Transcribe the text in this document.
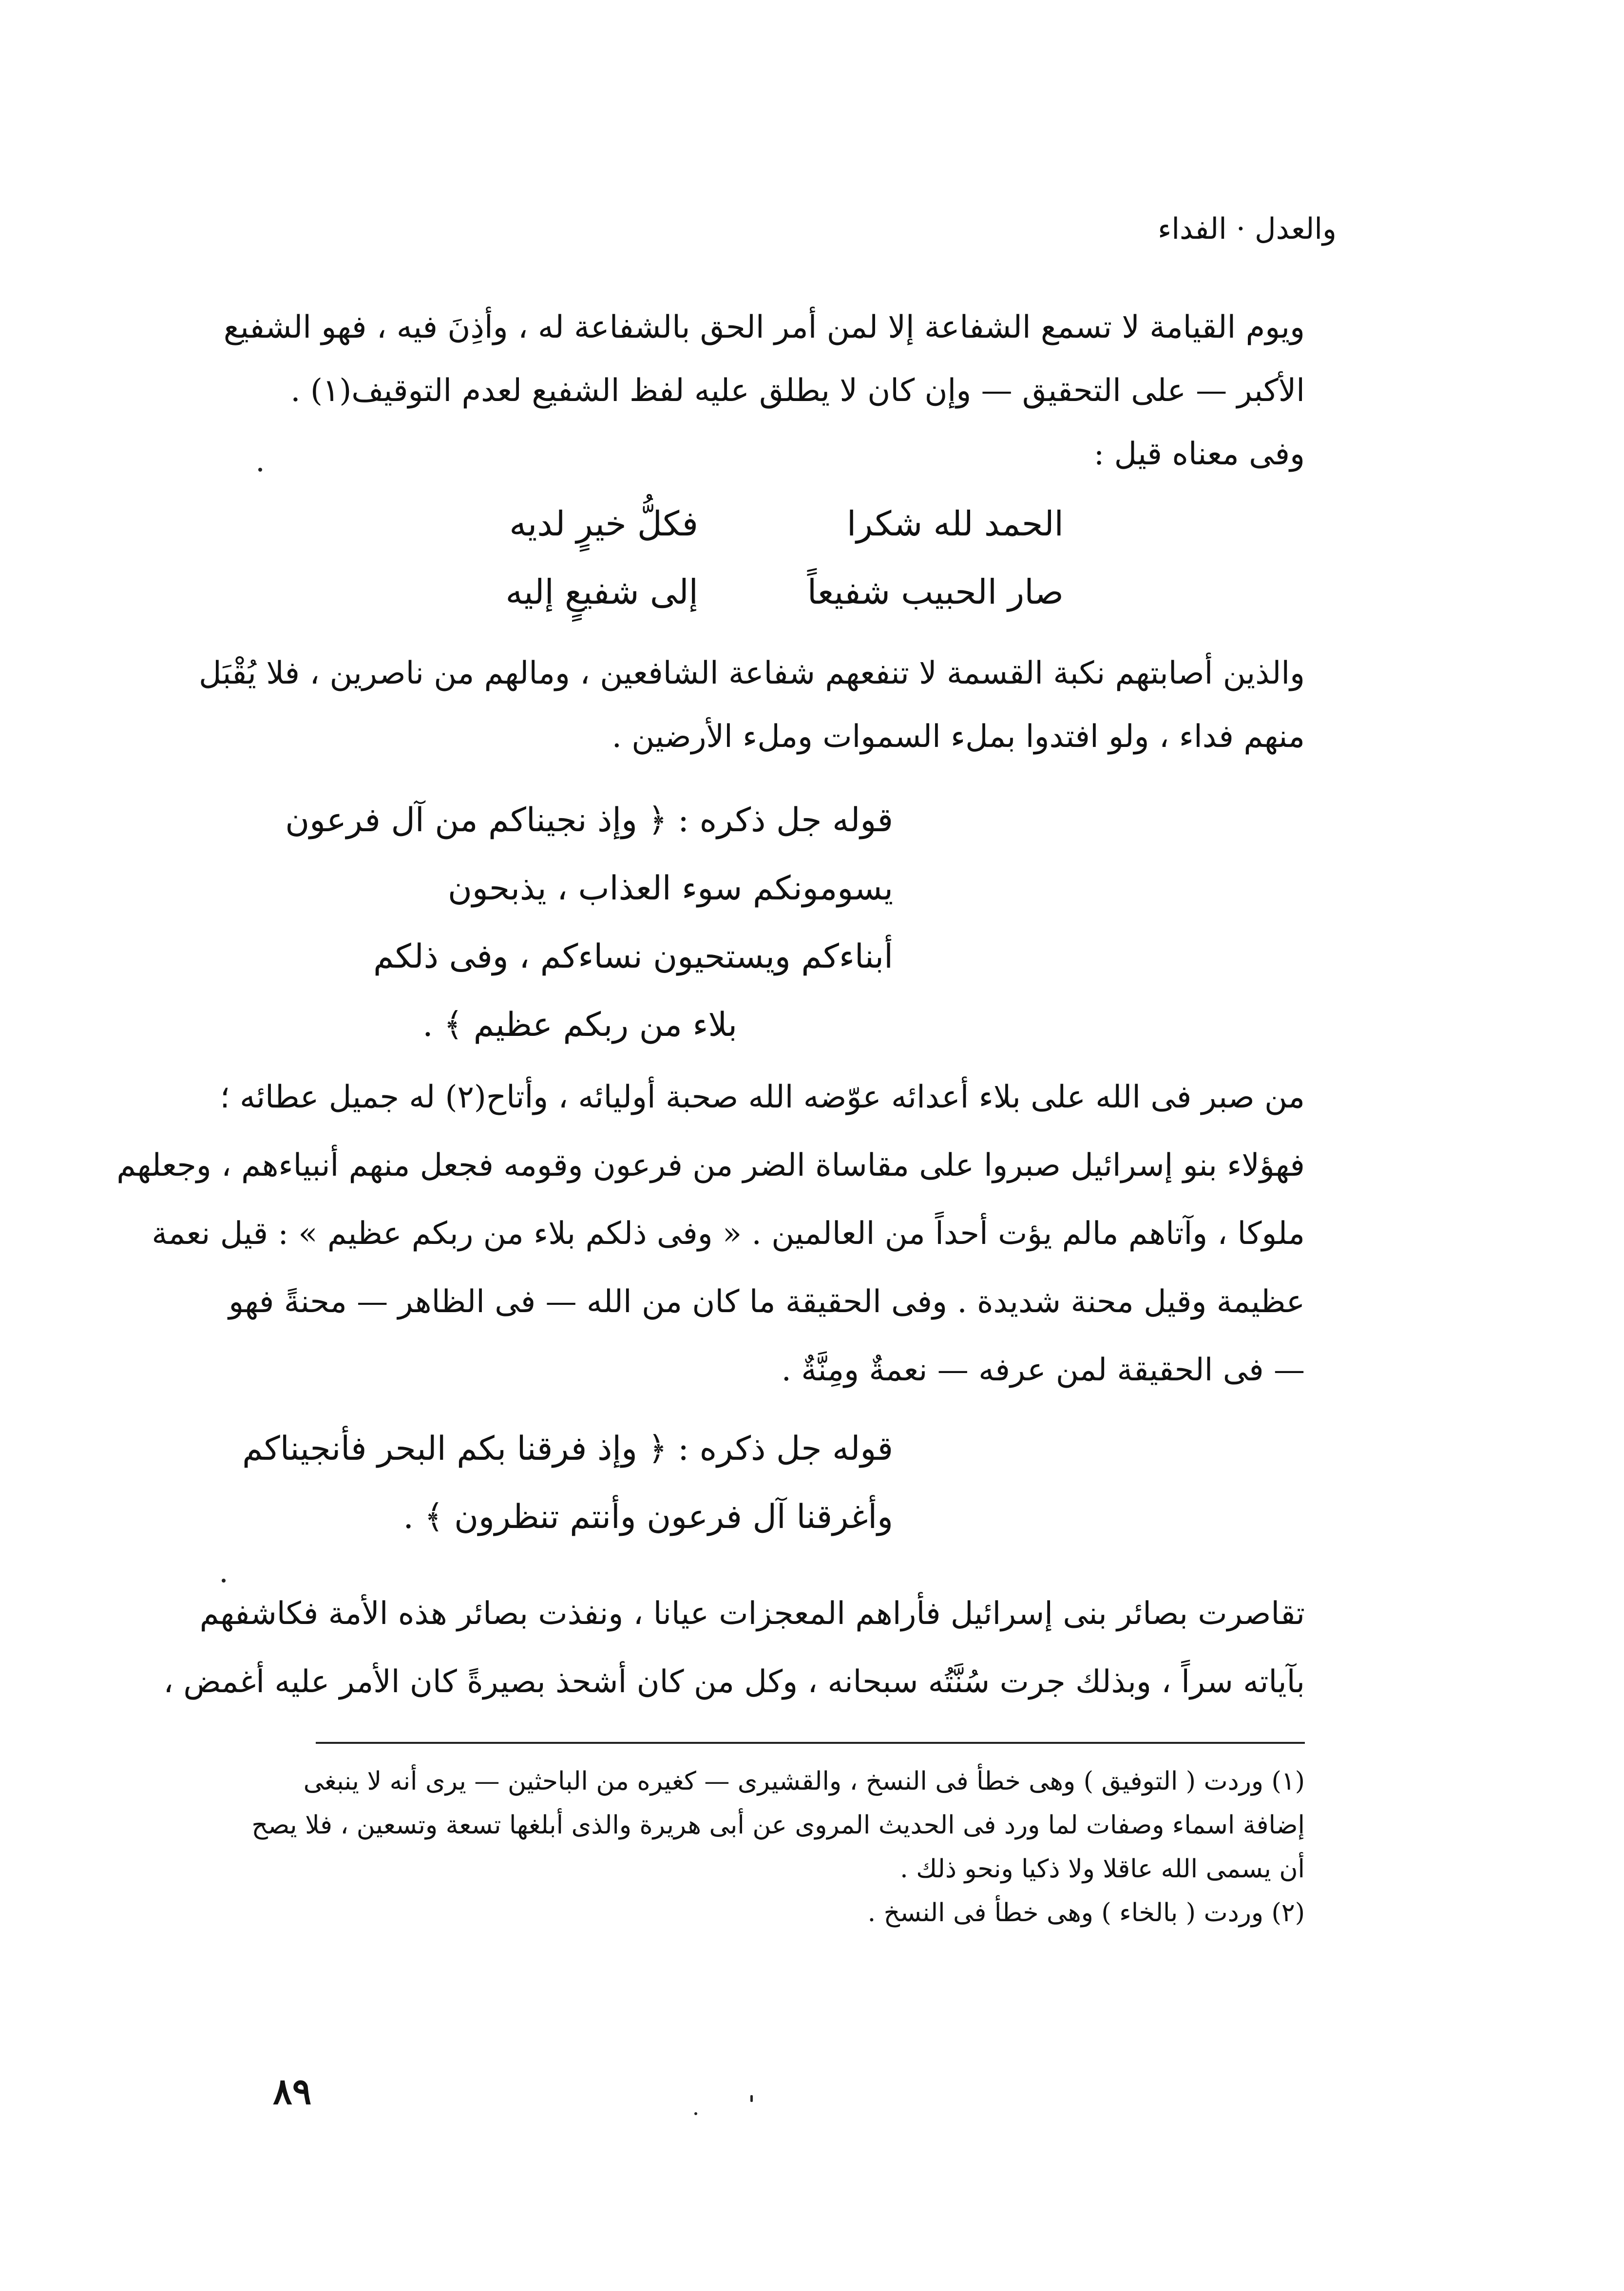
والعدل · الفداء
ويوم القيامة لا تسمع الشفاعة إلا لمن أمر الحق بالشفاعة له ، وأذِنَ فيه ، فهو الشفيع
الأكبر — على التحقيق — وإن كان لا يطلق عليه لفظ الشفيع لعدم التوقيف(١) .
وفى معناه قيل :
الحمد لله شكرا
فكلُّ خيرٍ لديه
صار الحبيب شفيعاً
إلى شفيعٍ إليه
والذين أصابتهم نكبة القسمة لا تنفعهم شفاعة الشافعين ، ومالهم من ناصرين ، فلا يُقْبَل
منهم فداء ، ولو افتدوا بملء السموات وملء الأرضين .
قوله جل ذكره : ﴿ وإذ نجيناكم من آل فرعون
يسومونكم سوء العذاب ، يذبحون
أبناءكم ويستحيون نساءكم ، وفى ذلكم
بلاء من ربكم عظيم ﴾ .
من صبر فى الله على بلاء أعدائه عوّضه الله صحبة أوليائه ، وأتاح(٢) له جميل عطائه ؛
فهؤلاء بنو إسرائيل صبروا على مقاساة الضر من فرعون وقومه فجعل منهم أنبياءهم ، وجعلهم
ملوكا ، وآتاهم مالم يؤت أحداً من العالمين . « وفى ذلكم بلاء من ربكم عظيم » : قيل نعمة
عظيمة وقيل محنة شديدة . وفى الحقيقة ما كان من الله — فى الظاهر — محنةً فهو
— فى الحقيقة لمن عرفه — نعمةٌ ومِنَّةٌ .
قوله جل ذكره : ﴿ وإذ فرقنا بكم البحر فأنجيناكم
وأغرقنا آل فرعون وأنتم تنظرون ﴾ .
تقاصرت بصائر بنى إسرائيل فأراهم المعجزات عيانا ، ونفذت بصائر هذه الأمة فكاشفهم
بآياته سراً ، وبذلك جرت سُنَّتُه سبحانه ، وكل من كان أشحذ بصيرةً كان الأمر عليه أغمض ،
(١) وردت ( التوفيق ) وهى خطأ فى النسخ ، والقشيرى — كغيره من الباحثين — يرى أنه لا ينبغى
إضافة اسماء وصفات لما ورد فى الحديث المروى عن أبى هريرة والذى أبلغها تسعة وتسعين ، فلا يصح
أن يسمى الله عاقلا ولا ذكيا ونحو ذلك .
(٢) وردت ( بالخاء ) وهى خطأ فى النسخ .
٨٩
